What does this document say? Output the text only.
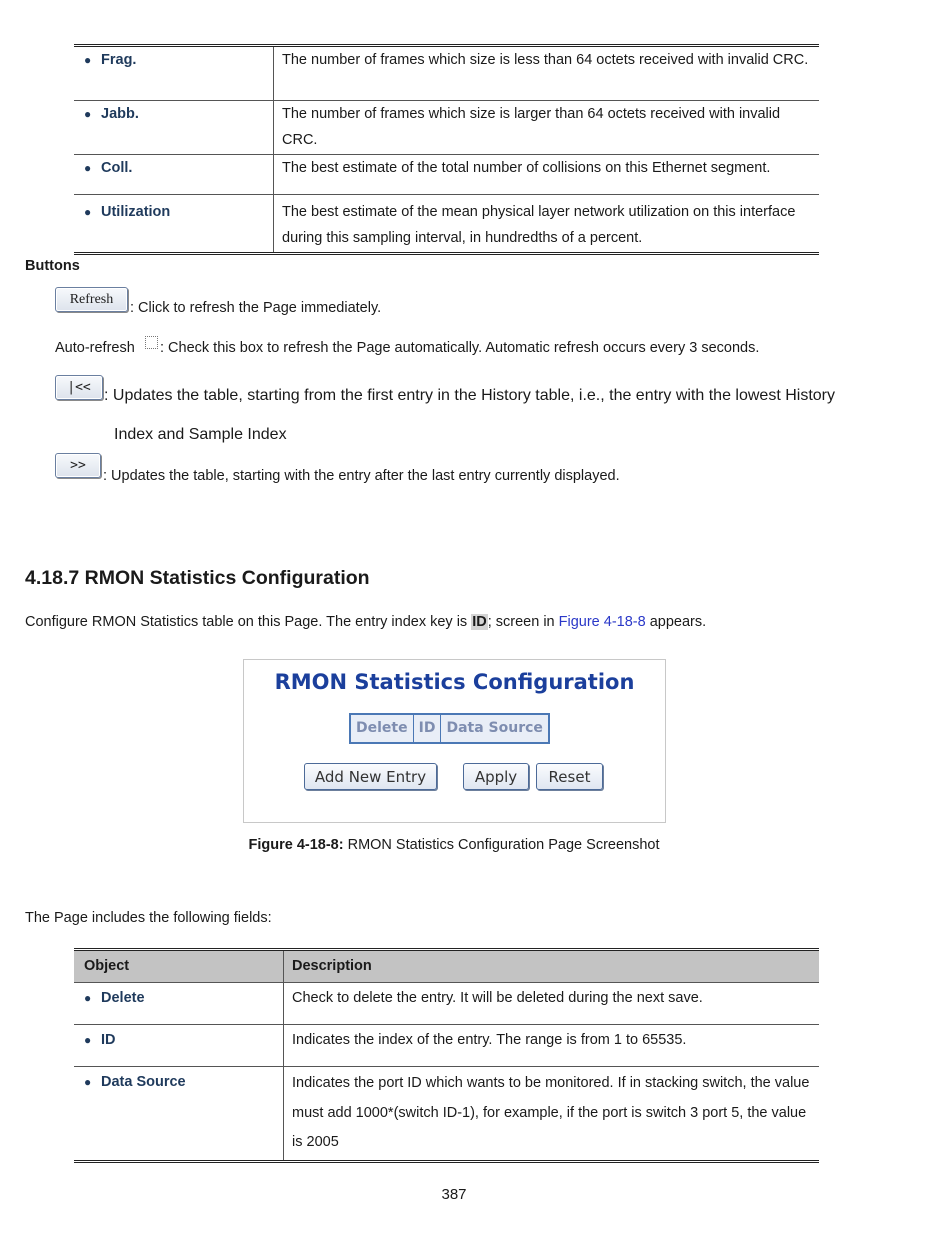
● Frag.	The number of frames which size is less than 64 octets received with invalid CRC.

● Jabb.	The number of frames which size is larger than 64 octets received with invalid CRC.

● Coll.	The best estimate of the total number of collisions on this Ethernet segment.

● Utilization	The best estimate of the mean physical layer network utilization on this interface during this sampling interval, in hundredths of a percent.
Buttons
Refresh
: Click to refresh the Page immediately.
Auto-refresh : Check this box to refresh the Page automatically. Automatic refresh occurs every 3 seconds.
|<< : Updates the table, starting from the first entry in the History table, i.e., the entry with the lowest History
Index and Sample Index
>>
: Updates the table, starting with the entry after the last entry currently displayed.
4.18.7 RMON Statistics Configuration
Configure RMON Statistics table on this Page. The entry index key is ID; screen in Figure 4-18-8 appears.
RMON Statistics Configuration
Delete ID Data Source
Add New Entry	Apply	Reset
Figure 4-18-8: RMON Statistics Configuration Page Screenshot
The Page includes the following fields:
Object	Description

● Delete	Check to delete the entry. It will be deleted during the next save.

● ID	Indicates the index of the entry. The range is from 1 to 65535.

● Data Source	Indicates the port ID which wants to be monitored. If in stacking switch, the value must add 1000*(switch ID-1), for example, if the port is switch 3 port 5, the value is 2005
387
